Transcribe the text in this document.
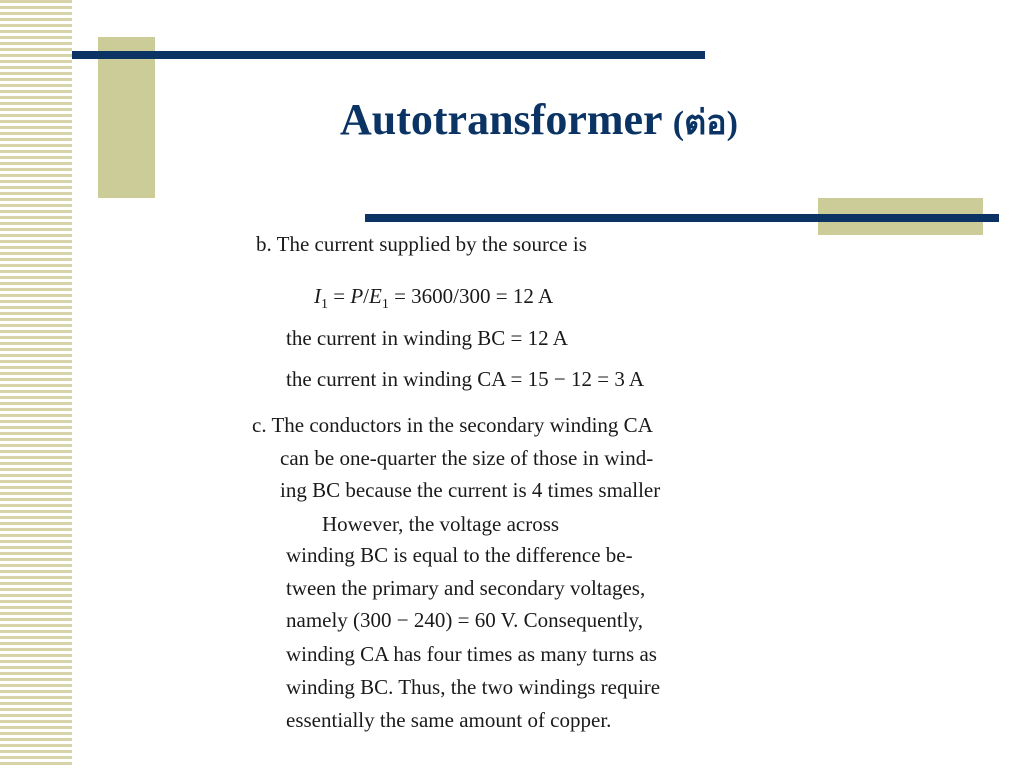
Autotransformer (ต่อ)
b. The current supplied by the source is
$I_1 = P/E_1 = 3600/300 = 12$ A
the current in winding BC = 12 A
the current in winding CA = 15 − 12 = 3 A
c. The conductors in the secondary winding CA
can be one-quarter the size of those in wind-
ing BC because the current is 4 times smaller
However, the voltage across
winding BC is equal to the difference be-
tween the primary and secondary voltages,
namely (300 − 240) = 60 V. Consequently,
winding CA has four times as many turns as
winding BC. Thus, the two windings require
essentially the same amount of copper.
